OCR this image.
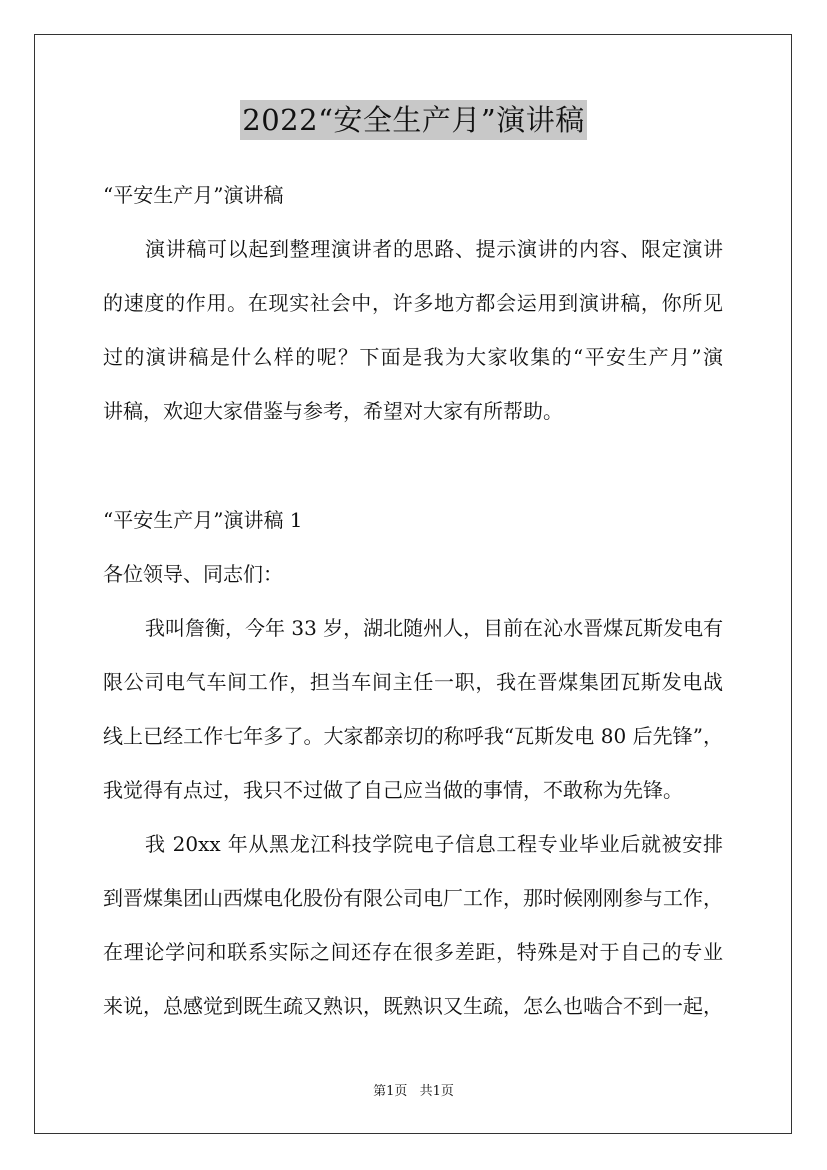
2022“安全生产月”演讲稿
“平安生产月”演讲稿
演讲稿可以起到整理演讲者的思路、提示演讲的内容、限定演讲
的速度的作用。在现实社会中，许多地方都会运用到演讲稿，你所见
过的演讲稿是什么样的呢？下面是我为大家收集的“平安生产月”演
讲稿，欢迎大家借鉴与参考，希望对大家有所帮助。
“平安生产月”演讲稿 1
各位领导、同志们：
我叫詹衡，今年 33 岁，湖北随州人，目前在沁水晋煤瓦斯发电有
限公司电气车间工作，担当车间主任一职，我在晋煤集团瓦斯发电战
线上已经工作七年多了。大家都亲切的称呼我“瓦斯发电 80 后先锋”，
我觉得有点过，我只不过做了自己应当做的事情，不敢称为先锋。
我 20xx 年从黑龙江科技学院电子信息工程专业毕业后就被安排
到晋煤集团山西煤电化股份有限公司电厂工作，那时候刚刚参与工作，
在理论学问和联系实际之间还存在很多差距，特殊是对于自己的专业
来说，总感觉到既生疏又熟识，既熟识又生疏，怎么也啮合不到一起，
第1页 共1页
